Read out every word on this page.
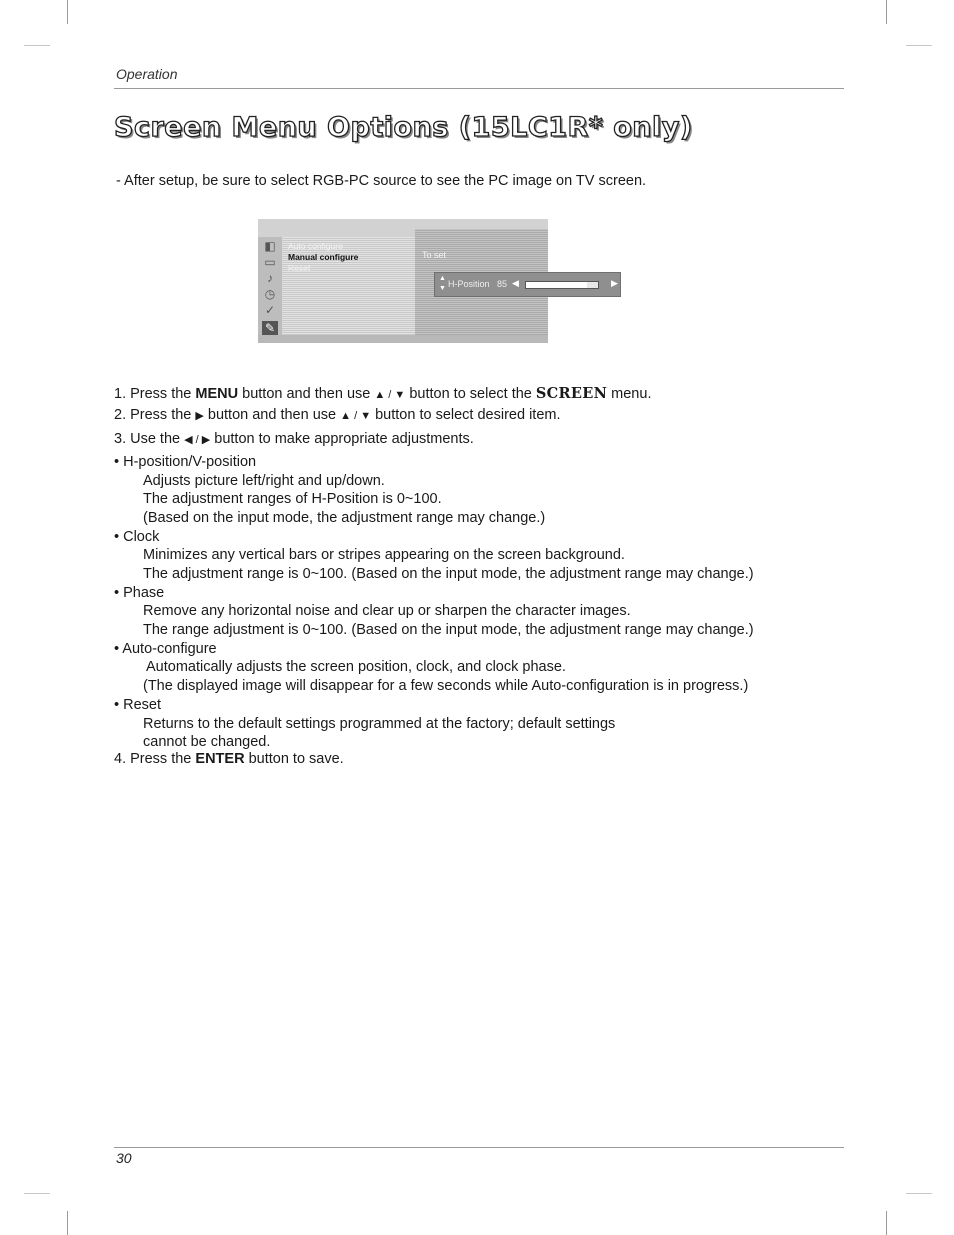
Operation
Screen Menu Options (15LC1R* only)
- After setup, be sure to select RGB-PC source to see the PC image on TV screen.
◧
▭
♪
◷
✓
✎
Auto configure
Manual configure
Reset
To set
▲
▼ H-Position 85 ◀	▶
1. Press the MENU button and then use ▲ / ▼ button to select the SCREEN menu.
2. Press the ▶ button and then use ▲ / ▼ button to select desired item.
3. Use the ◀ / ▶ button to make appropriate adjustments.
• H-position/V-position
Adjusts picture left/right and up/down.
The adjustment ranges of H-Position is 0~100.
(Based on the input mode, the adjustment range may change.)
• Clock
Minimizes any vertical bars or stripes appearing on the screen background.
The adjustment range is 0~100. (Based on the input mode, the adjustment range may change.)
• Phase
Remove any horizontal noise and clear up or sharpen the character images.
The range adjustment is 0~100. (Based on the input mode, the adjustment range may change.)
• Auto-configure
Automatically adjusts the screen position, clock, and clock phase.
(The displayed image will disappear for a few seconds while Auto-configuration is in progress.)
• Reset
Returns to the default settings programmed at the factory; default settings
cannot be changed.
4. Press the ENTER button to save.
30
